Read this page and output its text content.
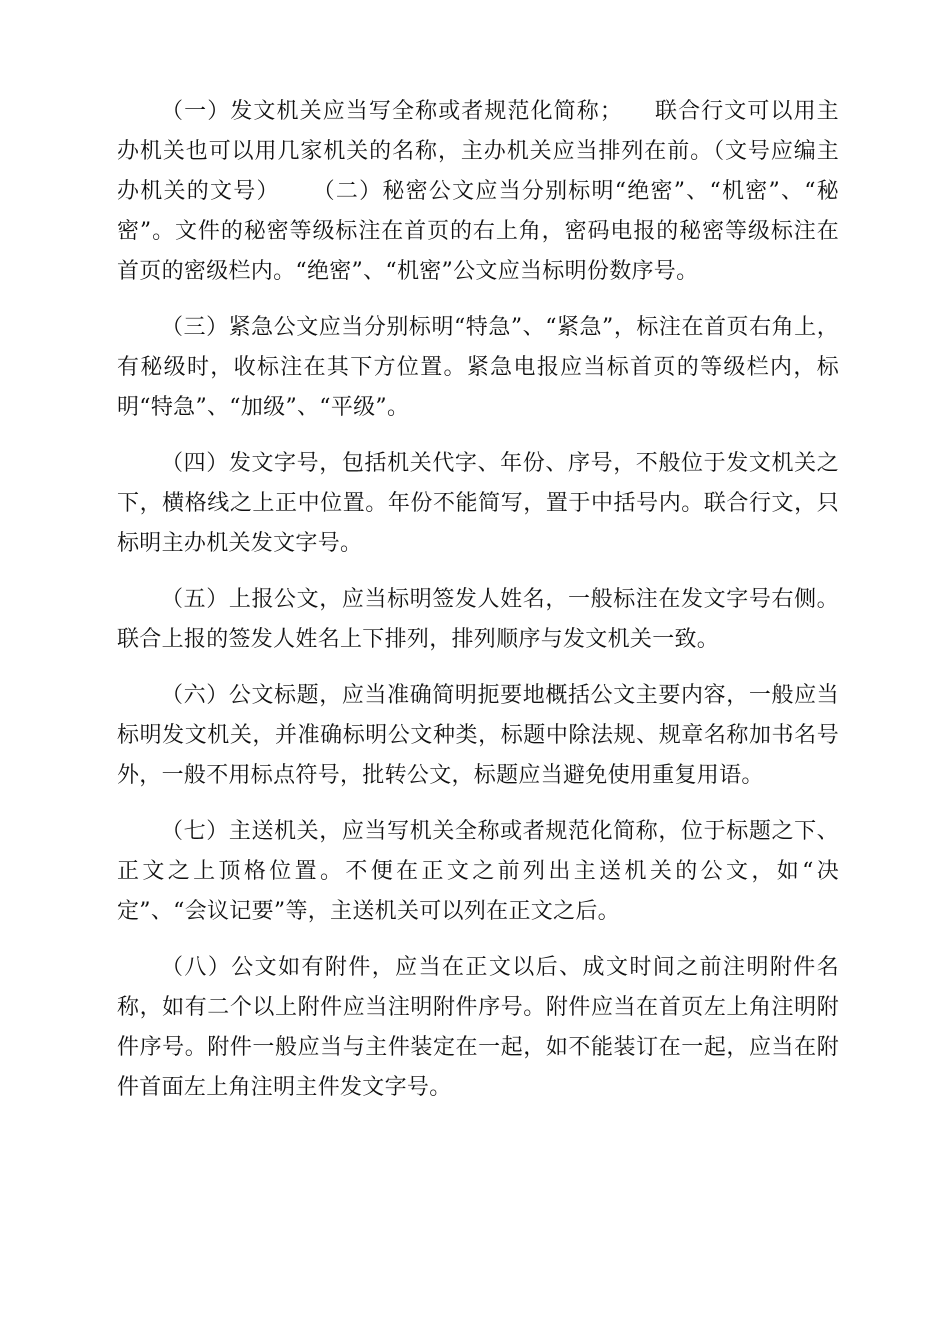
（一）发文机关应当写全称或者规范化简称； 联合行文可以用主办机关也可以用几家机关的名称，主办机关应当排列在前。（文号应编主办机关的文号） （二）秘密公文应当分别标明“绝密”、“机密”、“秘密”。文件的秘密等级标注在首页的右上角，密码电报的秘密等级标注在首页的密级栏内。“绝密”、“机密”公文应当标明份数序号。

（三）紧急公文应当分别标明“特急”、“紧急”，标注在首页右角上，有秘级时，收标注在其下方位置。紧急电报应当标首页的等级栏内，标明“特急”、“加级”、“平级”。

（四）发文字号，包括机关代字、年份、序号，不般位于发文机关之下，横格线之上正中位置。年份不能简写，置于中括号内。联合行文，只标明主办机关发文字号。

（五）上报公文，应当标明签发人姓名，一般标注在发文字号右侧。联合上报的签发人姓名上下排列，排列顺序与发文机关一致。

（六）公文标题，应当准确简明扼要地概括公文主要内容，一般应当标明发文机关，并准确标明公文种类，标题中除法规、规章名称加书名号外，一般不用标点符号，批转公文，标题应当避免使用重复用语。

（七）主送机关，应当写机关全称或者规范化简称，位于标题之下、正文之上顶格位置。不便在正文之前列出主送机关的公文，如“决定”、“会议记要”等，主送机关可以列在正文之后。

（八）公文如有附件，应当在正文以后、成文时间之前注明附件名称，如有二个以上附件应当注明附件序号。附件应当在首页左上角注明附件序号。附件一般应当与主件装定在一起，如不能装订在一起，应当在附件首面左上角注明主件发文字号。
